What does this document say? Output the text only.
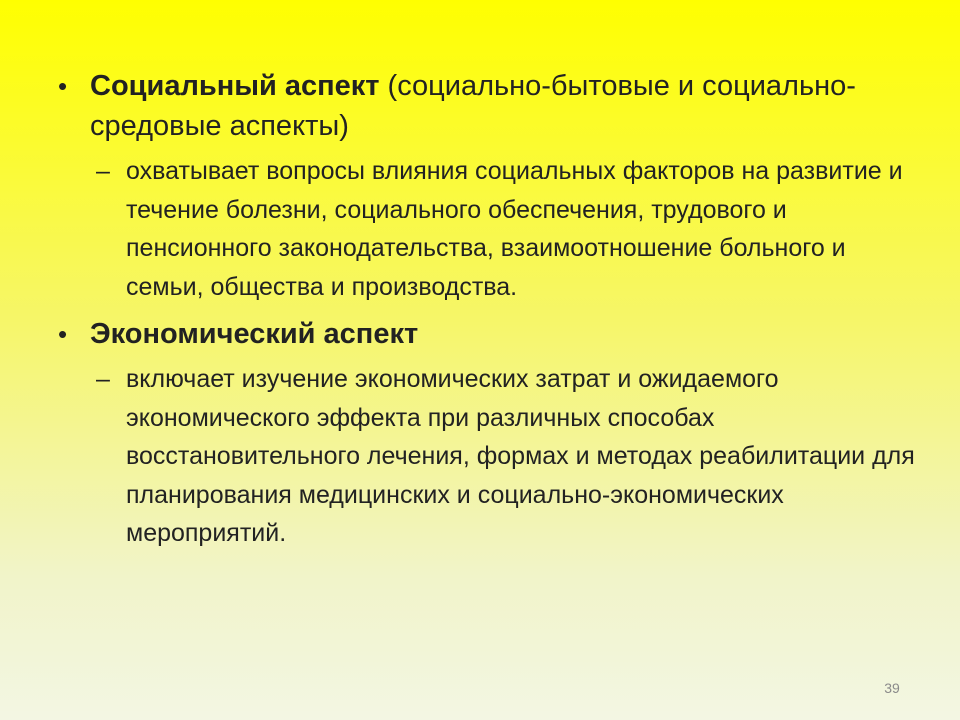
• Социальный аспект (социально-бытовые и социально-средовые аспекты)
– охватывает вопросы влияния социальных факторов на развитие и течение болезни, социального обеспечения, трудового и пенсионного законодательства, взаимоотношение больного и семьи, общества и производства.
• Экономический аспект
– включает изучение экономических затрат и ожидаемого экономического эффекта при различных способах восстановительного лечения, формах и методах реабилитации для планирования медицинских и социально-экономических мероприятий.
39
